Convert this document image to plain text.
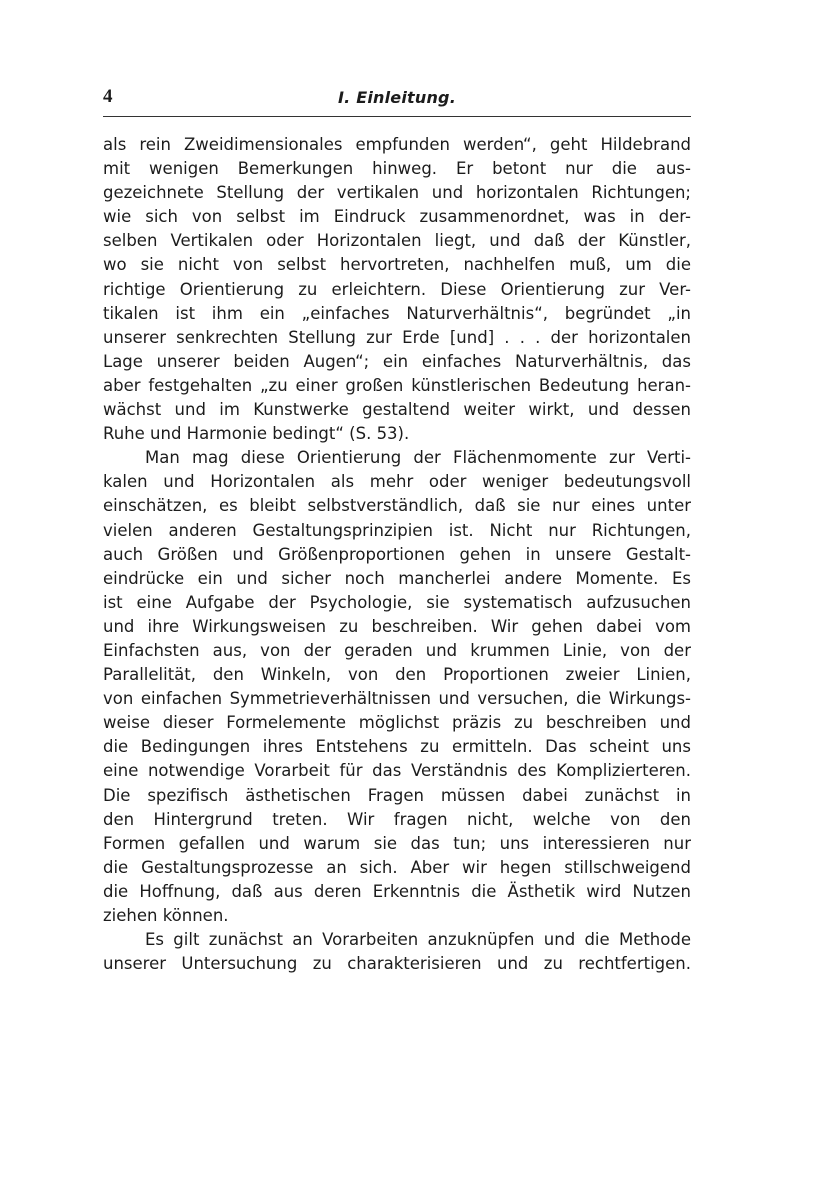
4	I. Einleitung.
als rein Zweidimensionales empfunden werden“, geht Hildebrand
mit wenigen Bemerkungen hinweg. Er betont nur die aus-
gezeichnete Stellung der vertikalen und horizontalen Richtungen;
wie sich von selbst im Eindruck zusammenordnet, was in der-
selben Vertikalen oder Horizontalen liegt, und daß der Künstler,
wo sie nicht von selbst hervortreten, nachhelfen muß, um die
richtige Orientierung zu erleichtern. Diese Orientierung zur Ver-
tikalen ist ihm ein „einfaches Naturverhältnis“, begründet „in
unserer senkrechten Stellung zur Erde [und] . . . der horizontalen
Lage unserer beiden Augen“; ein einfaches Naturverhältnis, das
aber festgehalten „zu einer großen künstlerischen Bedeutung heran-
wächst und im Kunstwerke gestaltend weiter wirkt, und dessen
Ruhe und Harmonie bedingt“ (S. 53).
Man mag diese Orientierung der Flächenmomente zur Verti-
kalen und Horizontalen als mehr oder weniger bedeutungsvoll
einschätzen, es bleibt selbstverständlich, daß sie nur eines unter
vielen anderen Gestaltungsprinzipien ist. Nicht nur Richtungen,
auch Größen und Größenproportionen gehen in unsere Gestalt-
eindrücke ein und sicher noch mancherlei andere Momente. Es
ist eine Aufgabe der Psychologie, sie systematisch aufzusuchen
und ihre Wirkungsweisen zu beschreiben. Wir gehen dabei vom
Einfachsten aus, von der geraden und krummen Linie, von der
Parallelität, den Winkeln, von den Proportionen zweier Linien,
von einfachen Symmetrieverhältnissen und versuchen, die Wirkungs-
weise dieser Formelemente möglichst präzis zu beschreiben und
die Bedingungen ihres Entstehens zu ermitteln. Das scheint uns
eine notwendige Vorarbeit für das Verständnis des Komplizierteren.
Die spezifisch ästhetischen Fragen müssen dabei zunächst in
den Hintergrund treten. Wir fragen nicht, welche von den
Formen gefallen und warum sie das tun; uns interessieren nur
die Gestaltungsprozesse an sich. Aber wir hegen stillschweigend
die Hoffnung, daß aus deren Erkenntnis die Ästhetik wird Nutzen
ziehen können.
Es gilt zunächst an Vorarbeiten anzuknüpfen und die Methode
unserer Untersuchung zu charakterisieren und zu rechtfertigen.
